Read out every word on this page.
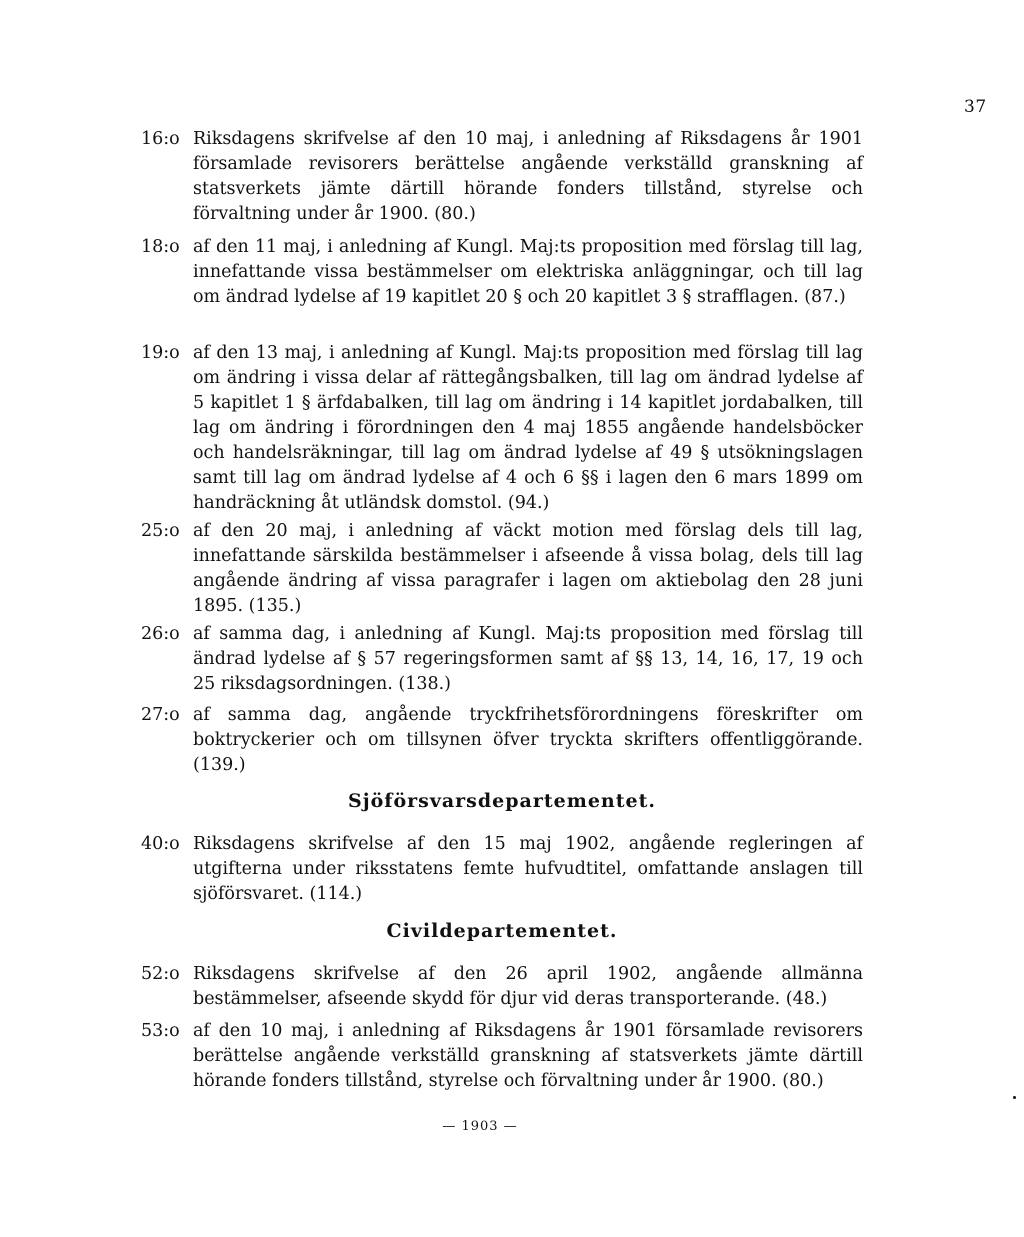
37
16:o Riksdagens skrifvelse af den 10 maj, i anledning af Riksdagens år 1901 församlade revisorers berättelse angående verkställd granskning af statsverkets jämte därtill hörande fonders tillstånd, styrelse och förvaltning under år 1900. (80.)
18:o af den 11 maj, i anledning af Kungl. Maj:ts proposition med förslag till lag, innefattande vissa bestämmelser om elektriska anläggningar, och till lag om ändrad lydelse af 19 kapitlet 20 § och 20 kapitlet 3 § strafflagen. (87.)
19:o af den 13 maj, i anledning af Kungl. Maj:ts proposition med förslag till lag om ändring i vissa delar af rättegångsbalken, till lag om ändrad lydelse af 5 kapitlet 1 § ärfdabalken, till lag om ändring i 14 kapitlet jordabalken, till lag om ändring i förordningen den 4 maj 1855 angående handelsböcker och handelsräkningar, till lag om ändrad lydelse af 49 § utsökningslagen samt till lag om ändrad lydelse af 4 och 6 §§ i lagen den 6 mars 1899 om handräckning åt utländsk domstol. (94.)
25:o af den 20 maj, i anledning af väckt motion med förslag dels till lag, innefattande särskilda bestämmelser i afseende å vissa bolag, dels till lag angående ändring af vissa paragrafer i lagen om aktiebolag den 28 juni 1895. (135.)
26:o af samma dag, i anledning af Kungl. Maj:ts proposition med förslag till ändrad lydelse af § 57 regeringsformen samt af §§ 13, 14, 16, 17, 19 och 25 riksdagsordningen. (138.)
27:o af samma dag, angående tryckfrihetsförordningens föreskrifter om boktryckerier och om tillsynen öfver tryckta skrifters offentliggörande. (139.)
Sjöförsvarsdepartementet.
40:o Riksdagens skrifvelse af den 15 maj 1902, angående regleringen af utgifterna under riksstatens femte hufvudtitel, omfattande anslagen till sjöförsvaret. (114.)
Civildepartementet.
52:o Riksdagens skrifvelse af den 26 april 1902, angående allmänna bestämmelser, afseende skydd för djur vid deras transporterande. (48.)
53:o af den 10 maj, i anledning af Riksdagens år 1901 församlade revisorers berättelse angående verkställd granskning af statsverkets jämte därtill hörande fonders tillstånd, styrelse och förvaltning under år 1900. (80.)
— 1903 —
